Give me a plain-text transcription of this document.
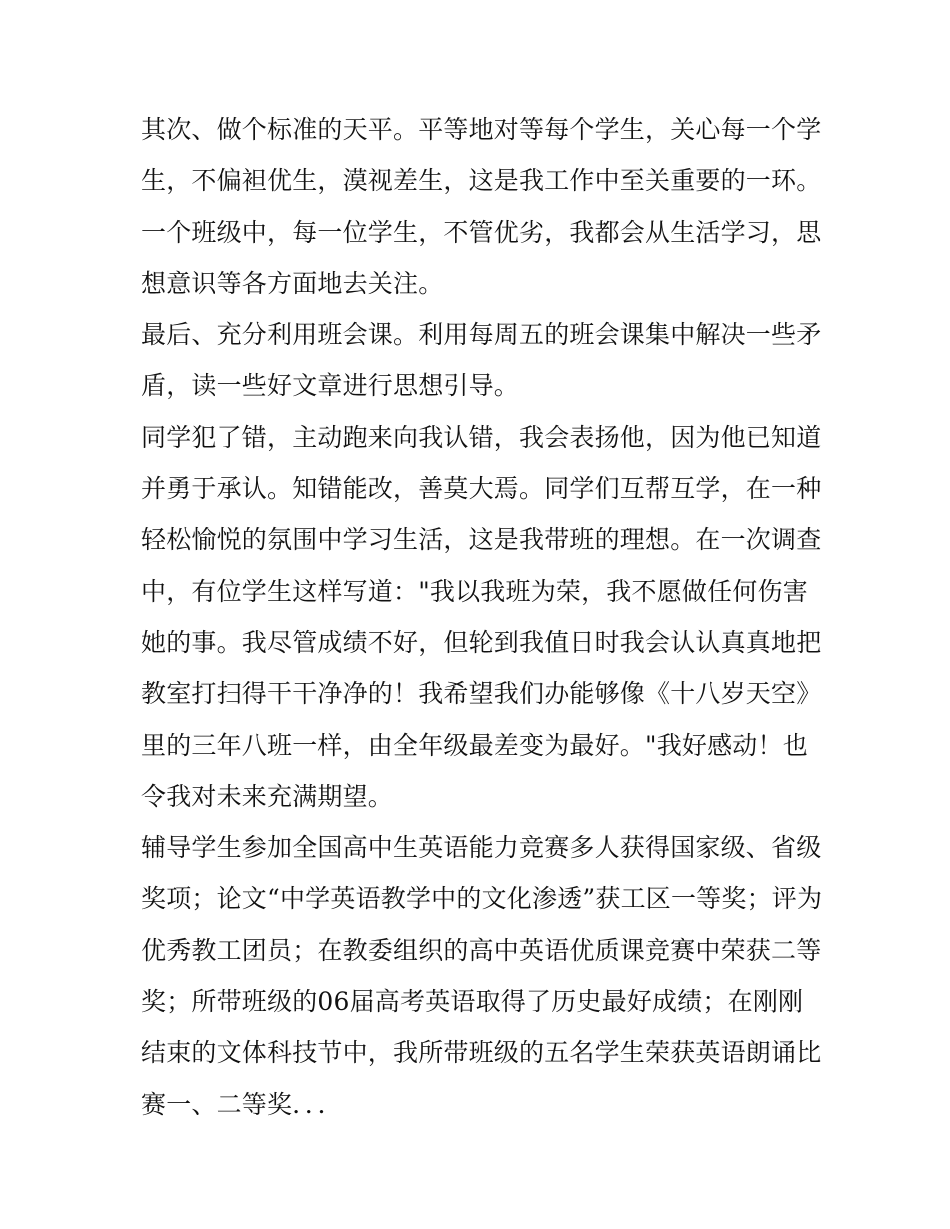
其次、做个标准的天平。平等地对等每个学生，关心每一个学
生，不偏袒优生，漠视差生，这是我工作中至关重要的一环。
一个班级中，每一位学生，不管优劣，我都会从生活学习，思
想意识等各方面地去关注。
最后、充分利用班会课。利用每周五的班会课集中解决一些矛
盾，读一些好文章进行思想引导。
同学犯了错，主动跑来向我认错，我会表扬他，因为他已知道
并勇于承认。知错能改，善莫大焉。同学们互帮互学，在一种
轻松愉悦的氛围中学习生活，这是我带班的理想。在一次调查
中，有位学生这样写道："我以我班为荣，我不愿做任何伤害
她的事。我尽管成绩不好，但轮到我值日时我会认认真真地把
教室打扫得干干净净的！我希望我们办能够像《十八岁天空》
里的三年八班一样，由全年级最差变为最好。"我好感动！也
令我对未来充满期望。
辅导学生参加全国高中生英语能力竞赛多人获得国家级、省级
奖项；论文“中学英语教学中的文化渗透”获工区一等奖；评为
优秀教工团员；在教委组织的高中英语优质课竞赛中荣获二等
奖；所带班级的06届高考英语取得了历史最好成绩；在刚刚
结束的文体科技节中，我所带班级的五名学生荣获英语朗诵比
赛一、二等奖．．．
